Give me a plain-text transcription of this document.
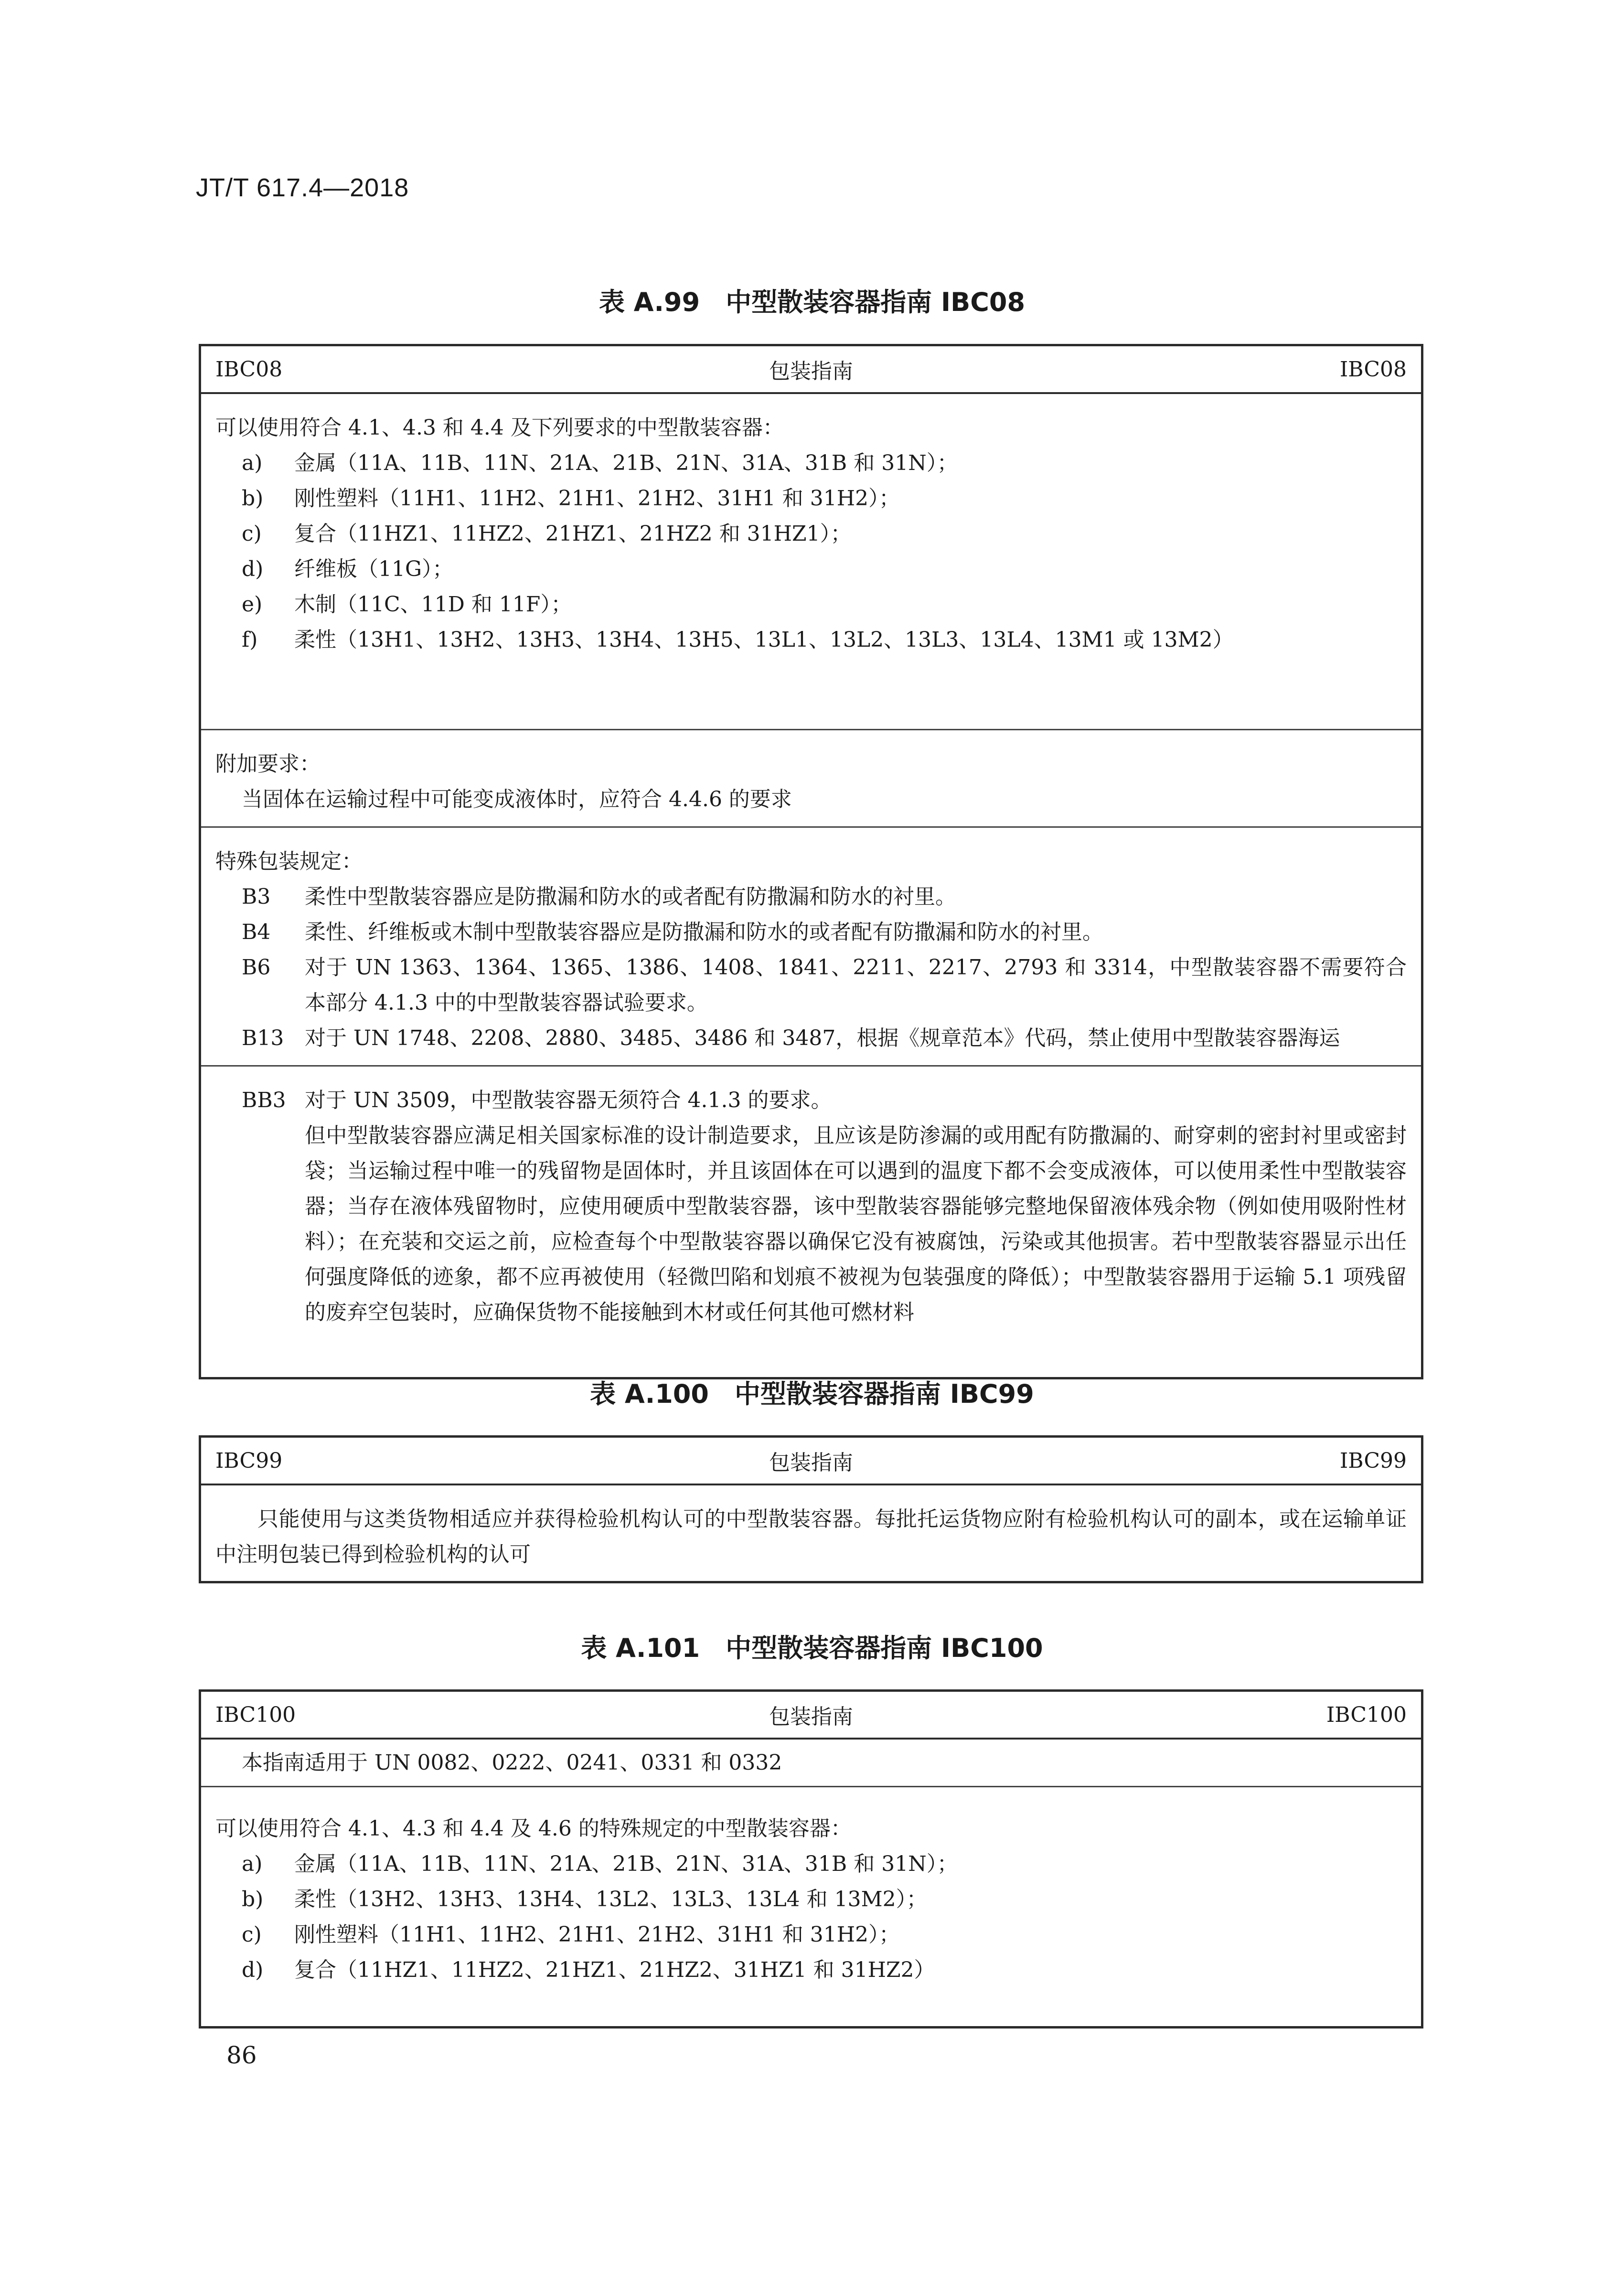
JT/T 617.4—2018
表 A.99　中型散装容器指南 IBC08
IBC08	包装指南	IBC08
可以使用符合 4.1、4.3 和 4.4 及下列要求的中型散装容器：
a)	金属（11A、11B、11N、21A、21B、21N、31A、31B 和 31N）；
b)	刚性塑料（11H1、11H2、21H1、21H2、31H1 和 31H2）；
c)	复合（11HZ1、11HZ2、21HZ1、21HZ2 和 31HZ1）；
d)	纤维板（11G）；
e)	木制（11C、11D 和 11F）；
f)	柔性（13H1、13H2、13H3、13H4、13H5、13L1、13L2、13L3、13L4、13M1 或 13M2）
附加要求：
当固体在运输过程中可能变成液体时，应符合 4.4.6 的要求
特殊包装规定：
B3	柔性中型散装容器应是防撒漏和防水的或者配有防撒漏和防水的衬里。
B4	柔性、纤维板或木制中型散装容器应是防撒漏和防水的或者配有防撒漏和防水的衬里。
B6	对于 UN 1363、1364、1365、1386、1408、1841、2211、2217、2793 和 3314，中型散装容器不需要符合本部分 4.1.3 中的中型散装容器试验要求。
B13 对于 UN 1748、2208、2880、3485、3486 和 3487，根据《规章范本》代码，禁止使用中型散装容器海运
BB3 对于 UN 3509，中型散装容器无须符合 4.1.3 的要求。
但中型散装容器应满足相关国家标准的设计制造要求，且应该是防渗漏的或用配有防撒漏的、耐穿刺的密封衬里或密封袋；当运输过程中唯一的残留物是固体时，并且该固体在可以遇到的温度下都不会变成液体，可以使用柔性中型散装容器；当存在液体残留物时，应使用硬质中型散装容器，该中型散装容器能够完整地保留液体残余物（例如使用吸附性材料）；在充装和交运之前，应检查每个中型散装容器以确保它没有被腐蚀，污染或其他损害。若中型散装容器显示出任何强度降低的迹象，都不应再被使用（轻微凹陷和划痕不被视为包装强度的降低）；中型散装容器用于运输 5.1 项残留的废弃空包装时，应确保货物不能接触到木材或任何其他可燃材料
表 A.100　中型散装容器指南 IBC99
IBC99	包装指南	IBC99
只能使用与这类货物相适应并获得检验机构认可的中型散装容器。每批托运货物应附有检验机构认可的副本，或在运输单证中注明包装已得到检验机构的认可
表 A.101　中型散装容器指南 IBC100
IBC100	包装指南	IBC100
本指南适用于 UN 0082、0222、0241、0331 和 0332
可以使用符合 4.1、4.3 和 4.4 及 4.6 的特殊规定的中型散装容器：
a)	金属（11A、11B、11N、21A、21B、21N、31A、31B 和 31N）；
b)	柔性（13H2、13H3、13H4、13L2、13L3、13L4 和 13M2）；
c)	刚性塑料（11H1、11H2、21H1、21H2、31H1 和 31H2）；
d)	复合（11HZ1、11HZ2、21HZ1、21HZ2、31HZ1 和 31HZ2）
86
